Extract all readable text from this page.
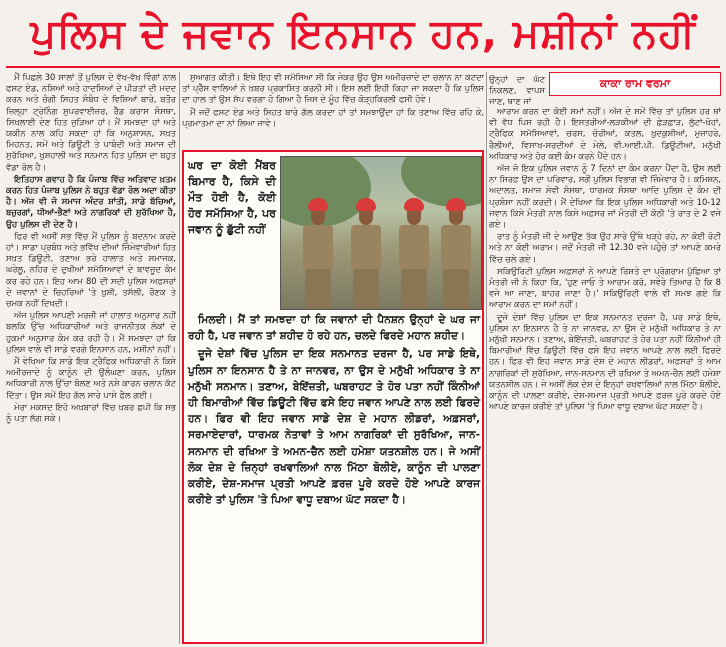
ਪੁਲਿਸ ਦੇ ਜਵਾਨ ਇਨਸਾਨ ਹਨ, ਮਸ਼ੀਨਾਂ ਨਹੀਂ

ਮੈਂ ਪਿਛਲੇ 30 ਸਾਲਾਂ ਤੋਂ ਪੁਲਿਸ ਦੇ ਵੱਖ-ਵੱਖ ਵਿੰਗਾਂ ਨਾਲ ਫਸਟ ਏਡ, ਨਸ਼ਿਆਂ ਅਤੇ ਹਾਦਸਿਆਂ ਦੇ ਪੀੜਤਾਂ ਦੀ ਮਦਦ ਕਰਨ ਅਤੇ ਚੰਗੀ ਸਿਹਤ ਸੰਬੰਧ ਦੇ ਵਿਸ਼ਿਆਂ ਬਾਰੇ, ਬਤੌਰ ਜ਼ਿਲ੍ਹਾ ਟ੍ਰੇਨਿੰਗ ਸੁਪਰਵਾਈਜ਼ਰ, ਰੈੱਡ ਕਰਾਸ ਸੰਸਥਾ, ਸਿਖਲਾਈ ਦੇਣ ਹਿਤ ਜੁੜਿਆ ਹਾਂ। ਮੈਂ ਸਮਝਦਾ ਹਾਂ ਅਤੇ ਯਕੀਨ ਨਾਲ ਕਹਿ ਸਕਦਾ ਹਾਂ ਕਿ ਅਨੁਸ਼ਾਸਨ, ਸਖ਼ਤ ਮਿਹਨਤ, ਸਮੇਂ ਅਤੇ ਡਿਊਟੀ ਤੇ ਪਾਬੰਦੀ ਅਤੇ ਸਮਾਜ ਦੀ ਸੁਰੱਖਿਆ, ਖੁਸ਼ਹਾਲੀ ਅਤੇ ਸਨਮਾਨ ਹਿਤ ਪੁਲਿਸ ਦਾ ਬਹੁਤ ਵੱਡਾ ਰੋਲ ਹੈ।

ਇਤਿਹਾਸ ਗਵਾਹ ਹੈ ਕਿ ਪੰਜਾਬ ਵਿੱਚ ਅਤਿਵਾਦ ਖ਼ਤਮ ਕਰਨ ਹਿਤ ਪੰਜਾਬ ਪੁਲਿਸ ਨੇ ਬਹੁਤ ਵੱਡਾ ਰੋਲ ਅਦਾ ਕੀਤਾ ਹੈ। ਅੱਜ ਵੀ ਜੋ ਸਮਾਜ ਅੰਦਰ ਸ਼ਾਂਤੀ, ਸਾਡੇ ਬੱਚਿਆਂ, ਬਜ਼ੁਰਗਾਂ, ਧੀਆਂ-ਭੈਣਾਂ ਅਤੇ ਨਾਗਰਿਕਾਂ ਦੀ ਸੁਰੱਖਿਆ ਹੈ, ਉਹ ਪੁਲਿਸ ਦੀ ਦੇਣ ਹੈ।

ਫਿਰ ਵੀ ਅਸੀਂ ਸਭ ਵਿੱਚ ਮੈਂ ਪੁਲਿਸ ਨੂੰ ਬਦਨਾਮ ਕਰਦੇ ਹਾਂ। ਸਾਡਾ ਪ੍ਰਬੰਧ ਅਤੇ ਭਵਿੱਖ ਦੀਆਂ ਜ਼ਿੰਮੇਵਾਰੀਆਂ ਹਿਤ ਸਖ਼ਤ ਡਿਊਟੀ, ਤਣਾਅ ਭਰੇ ਹਾਲਾਤ ਅਤੇ ਸਮਾਜਕ, ਘਰੇਲੂ, ਨਹਿਰ ਦੇ ਦੁਖੀਆਂ ਸਮੱਸਿਆਵਾਂ ਦੇ ਬਾਵਜੂਦ ਕੰਮ ਕਰ ਰਹੇ ਹਨ। ਇਹ ਆਮ 80 ਦੀ ਸਦੀ ਪੁਲਿਸ ਅਫ਼ਸਰਾਂ ਦੇ ਜਵਾਨਾਂ ਦੇ ਚਿਹਰਿਆਂ 'ਤੇ ਖ਼ੁਸ਼ੀ, ਤਸੱਲੀ, ਰੌਣਕ ਤੇ ਚਮਕ ਨਹੀਂ ਦਿਖਦੀ।

ਅੱਜ ਪੁਲਿਸ ਆਪਣੀ ਮਰਜ਼ੀ ਜਾਂ ਹਾਲਾਤ ਅਨੁਸਾਰ ਨਹੀਂ ਬਲਕਿ ਉੱਚ ਅਧਿਕਾਰੀਆਂ ਅਤੇ ਰਾਜਨੀਤਕ ਲੋਕਾਂ ਦੇ ਹੁਕਮਾਂ ਅਨੁਸਾਰ ਕੰਮ ਕਰ ਰਹੀ ਹੈ। ਮੈਂ ਸਮਝਦਾ ਹਾਂ ਕਿ ਪੁਲਿਸ ਵਾਲੇ ਵੀ ਸਾਡੇ ਵਰਗੇ ਇਨਸਾਨ ਹਨ, ਮਸ਼ੀਨਾਂ ਨਹੀਂ।

ਮੈਂ ਵੇਖਿਆ ਕਿ ਸਾਡੇ ਇਕ ਟ੍ਰੈਫਿਕ ਅਧਿਕਾਰੀ ਨੇ ਕਿਸੇ ਅਮੀਰਜ਼ਾਦੇ ਨੂੰ ਕਾਨੂੰਨ ਦੀ ਉਲੰਘਣਾ ਕਰਨ, ਪੁਲਿਸ ਅਧਿਕਾਰੀ ਨਾਲ ਉੱਚਾ ਬੋਲਣ ਅਤੇ ਨਸ਼ੇ ਕਾਰਨ ਚਲਾਨ ਕੱਟ ਦਿੱਤਾ। ਉਸ ਸਮੇਂ ਇਹ ਗੱਲ ਸਾਰੇ ਪਾਸੇ ਫੈਲ ਗਈ।

ਮੇਰਾ ਮਕਸਦ ਇਹੋ ਅਖ਼ਬਾਰਾਂ ਵਿੱਚ ਖ਼ਬਰ ਛਪੀ ਕਿ ਸਭ ਨੂੰ ਪਤਾ ਲੱਗ ਸਕੇ।

ਸੁਆਗਤ ਕੀਤੀ। ਇਥੇ ਇਹ ਵੀ ਸਮੱਸਿਆ ਸੀ ਕਿ ਜੇਕਰ ਉਹ ਉਸ ਅਮੀਰਜ਼ਾਦੇ ਦਾ ਚਲਾਨ ਨਾ ਕਟਦਾ ਤਾਂ ਪ੍ਰੈੱਸ ਵਾਲਿਆਂ ਨੇ ਖ਼ਬਰ ਪ੍ਰਕਾਸ਼ਿਤ ਕਰਨੀ ਸੀ। ਇਸ ਲਈ ਇਹੀ ਕਿਹਾ ਜਾ ਸਕਦਾ ਹੈ ਕਿ ਪੁਲਿਸ ਦਾ ਹਾਲ ਤਾਂ ਉਸ ਸੱਪ ਵਰਗਾ ਹੋ ਗਿਆ ਹੈ ਜਿਸ ਦੇ ਮੂੰਹ ਵਿੱਚ ਕੋੜ੍ਹਕਿਰਲੀ ਫਸੀ ਹੋਵੇ।

ਮੈਂ ਜਦੋਂ ਫਸਟ ਏਡ ਅਤੇ ਸਿਹਤ ਬਾਰੇ ਗੱਲ ਕਰਦਾ ਹਾਂ ਤਾਂ ਸਮਝਾਉਂਦਾ ਹਾਂ ਕਿ ਤਣਾਅ ਵਿੱਚ ਰਹਿ ਕੇ, ਪ੍ਰਮਾਤਮਾ ਦਾ ਨਾਂ ਲਿਆ ਜਾਵੇ।

ਘਰ ਦਾ ਕੋਈ ਮੈਂਬਰ ਬਿਮਾਰ ਹੈ, ਕਿਸੇ ਦੀ ਮੌਤ ਹੋਈ ਹੈ, ਕੋਈ ਹੋਰ ਸਮੱਸਿਆ ਹੈ, ਪਰ ਜਵਾਨ ਨੂੰ ਛੁੱਟੀ ਨਹੀਂ

ਮਿਲਦੀ। ਮੈਂ ਤਾਂ ਸਮਝਦਾ ਹਾਂ ਕਿ ਜਵਾਨਾਂ ਦੀ ਪੈਨਸ਼ਨ ਉਨ੍ਹਾਂ ਦੇ ਘਰ ਜਾ ਰਹੀ ਹੈ, ਪਰ ਜਵਾਨ ਤਾਂ ਸ਼ਹੀਦ ਹੋ ਰਹੇ ਹਨ, ਚਲਦੇ ਫਿਰਦੇ ਮਹਾਨ ਸ਼ਹੀਦ।

ਦੂਜੇ ਦੇਸ਼ਾਂ ਵਿੱਚ ਪੁਲਿਸ ਦਾ ਇਕ ਸਨਮਾਨਤ ਦਰਜਾ ਹੈ, ਪਰ ਸਾਡੇ ਇਥੇ, ਪੁਲਿਸ ਨਾ ਇਨਸਾਨ ਹੈ ਤੇ ਨਾ ਜਾਨਵਰ, ਨਾ ਉਸ ਦੇ ਮਨੁੱਖੀ ਅਧਿਕਾਰ ਤੇ ਨਾ ਮਨੁੱਖੀ ਸਨਮਾਨ। ਤਣਾਅ, ਬੇਇੱਜ਼ਤੀ, ਘਬਰਾਹਟ ਤੇ ਹੋਰ ਪਤਾ ਨਹੀਂ ਕਿੰਨੀਆਂ ਹੀ ਬਿਮਾਰੀਆਂ ਵਿੱਚ ਡਿਊਟੀ ਵਿੱਚ ਫਸੇ ਇਹ ਜਵਾਨ ਆਪਣੇ ਨਾਲ ਲਈ ਫਿਰਦੇ ਹਨ। ਫਿਰ ਵੀ ਇਹ ਜਵਾਨ ਸਾਡੇ ਦੇਸ਼ ਦੇ ਮਹਾਨ ਲੀਡਰਾਂ, ਅਫ਼ਸਰਾਂ, ਸਰਮਾਏਦਾਰਾਂ, ਧਾਰਮਕ ਨੇਤਾਵਾਂ ਤੇ ਆਮ ਨਾਗਰਿਕਾਂ ਦੀ ਸੁਰੱਖਿਆ, ਜਾਨ-ਸਨਮਾਨ ਦੀ ਰਖਿਆ ਤੇ ਅਮਨ-ਚੈਨ ਲਈ ਹਮੇਸ਼ਾ ਯਤਨਸ਼ੀਲ ਹਨ। ਜੇ ਅਸੀਂ ਲੋਕ ਦੇਸ਼ ਦੇ ਜ਼ਿਨ੍ਹਾਂ ਰਖਵਾਲਿਆਂ ਨਾਲ ਮਿੱਠਾ ਬੋਲੀਏ, ਕਾਨੂੰਨ ਦੀ ਪਾਲਣਾ ਕਰੀਏ, ਦੇਸ਼-ਸਮਾਜ ਪ੍ਰਤੀ ਆਪਣੇ ਫ਼ਰਜ਼ ਪੂਰੇ ਕਰਦੇ ਹੋਏ ਆਪਣੇ ਕਾਰਜ ਕਰੀਏ ਤਾਂ ਪੁਲਿਸ 'ਤੇ ਪਿਆ ਵਾਧੂ ਦਬਾਅ ਘੱਟ ਸਕਦਾ ਹੈ।

ਉਨ੍ਹਾਂ ਦਾ ਘੱਟ ਨਿਕਲਣ, ਵਾਪਸ ਜਾਣ, ਥਾਣ ਜਾਂ
ਕਾਕਾ ਰਾਮ ਵਰਮਾ

ਆਰਾਮ ਕਰਨ ਦਾ ਕੋਈ ਸਮਾਂ ਨਹੀਂ। ਅੱਜ ਦੇ ਸਮੇਂ ਵਿੱਚ ਤਾਂ ਪੁਲਿਸ ਹਰ ਥਾਂ ਵੀ ਵੱਧ ਪਿਸ ਰਹੀ ਹੈ। ਇਸਤਰੀਆਂ-ਲੜਕੀਆਂ ਦੀ ਛੇੜਛਾੜ, ਲੁੱਟਾਂ-ਖੋਹਾਂ, ਟ੍ਰੈਫਿਕ ਸਮੱਸਿਆਵਾਂ, ਚਰਸ, ਚੋਰੀਆਂ, ਕਤਲ, ਖ਼ੁਦਕੁਸ਼ੀਆਂ, ਮੁਜ਼ਾਹਰੇ, ਰੈਲੀਆਂ, ਵਿਸਾਖ-ਸਰਦੀਆਂ ਦੇ ਮੇਲੇ, ਵੀ.ਆਈ.ਪੀ. ਡਿਊਟੀਆਂ, ਮਨੁੱਖੀ ਅਧਿਕਾਰ ਅਤੇ ਹੋਰ ਕਈ ਕੰਮ ਕਰਨੇ ਪੈਂਦੇ ਹਨ।

ਅੱਜ ਜੋ ਇਕ ਪੁਲਿਸ ਜਵਾਨ ਨੂੰ 7 ਦਿਨਾਂ ਦਾ ਕੰਮ ਕਰਨਾ ਪੈਂਦਾ ਹੈ, ਉਸ ਲਈ ਨਾ ਸਿਰਫ਼ ਉਸ ਦਾ ਪਰਿਵਾਰ, ਸਗੋਂ ਪੁਲਿਸ ਵਿਭਾਗ ਵੀ ਜ਼ਿੰਮੇਵਾਰ ਹੈ। ਕਮਿਸ਼ਨ, ਅਦਾਲਤ, ਸਮਾਜ ਸੇਵੀ ਸੰਸਥਾ, ਧਾਰਮਕ ਸੰਸਥਾ ਆਦਿ ਪੁਲਿਸ ਦੇ ਕੰਮ ਦੀ ਪ੍ਰਸ਼ੰਸਾ ਨਹੀਂ ਕਰਦੀ। ਮੈਂ ਦੇਖਿਆ ਕਿ ਇਕ ਪੁਲਿਸ ਅਧਿਕਾਰੀ ਅਤੇ 10-12 ਜਵਾਨ ਕਿਸੇ ਮੰਤਰੀ ਨਾਲ ਕਿਸੇ ਅਫ਼ਸਰ ਜਾਂ ਮੰਤਰੀ ਦੀ ਕੋਠੀ 'ਤੇ ਰਾਤ ਦੇ 2 ਵਜੇ ਗਏ।

ਰਾਤ ਨੂੰ ਮੰਤਰੀ ਜੀ ਦੇ ਆਉਣ ਤੱਕ ਉਹ ਸਾਰੇ ਉੱਥੇ ਖੜ੍ਹੇ ਰਹੇ, ਨਾ ਕੋਈ ਰੋਟੀ ਅਤੇ ਨਾ ਕੋਈ ਅਰਾਮ। ਜਦੋਂ ਮੰਤਰੀ ਜੀ 12.30 ਵਜੇ ਪਹੁੰਚੇ ਤਾਂ ਆਪਣੇ ਕਮਰੇ ਵਿੱਚ ਚਲੇ ਗਏ।

ਸਕਿਉਰਿਟੀ ਪੁਲਿਸ ਅਫ਼ਸਰਾਂ ਨੇ ਆਪਣੇ ਰਿਸ਼ਤੇ ਦਾ ਪ੍ਰੋਗਰਾਮ ਪੁੱਛਿਆ ਤਾਂ ਮੰਤਰੀ ਜੀ ਨੇ ਕਿਹਾ ਕਿ, 'ਹੁਣ ਜਾਓ ਤੇ ਆਰਾਮ ਕਰੋ, ਸਵੇਰੇ ਤਿਆਰ ਹੈ ਕਿ 8 ਵਜੇ ਆ ਜਾਣਾ, ਬਾਹਰ ਜਾਣਾ ਹੈ।' ਸਕਿਉਰਿਟੀ ਵਾਲੇ ਵੀ ਸਮਝ ਗਏ ਕਿ ਆਰਾਮ ਕਰਨ ਦਾ ਸਮਾਂ ਨਹੀਂ।

ਦੂਜੇ ਦੇਸ਼ਾਂ ਵਿੱਚ ਪੁਲਿਸ ਦਾ ਇਕ ਸਨਮਾਨਤ ਦਰਜਾ ਹੈ, ਪਰ ਸਾਡੇ ਇਥੇ, ਪੁਲਿਸ ਨਾ ਇਨਸਾਨ ਹੈ ਤੇ ਨਾ ਜਾਨਵਰ, ਨਾ ਉਸ ਦੇ ਮਨੁੱਖੀ ਅਧਿਕਾਰ ਤੇ ਨਾ ਮਨੁੱਖੀ ਸਨਮਾਨ। ਤਣਾਅ, ਬੇਇੱਜ਼ਤੀ, ਘਬਰਾਹਟ ਤੇ ਹੋਰ ਪਤਾ ਨਹੀਂ ਕਿੰਨੀਆਂ ਹੀ ਬਿਮਾਰੀਆਂ ਵਿੱਚ ਡਿਊਟੀ ਵਿੱਚ ਫਸੇ ਇਹ ਜਵਾਨ ਆਪਣੇ ਨਾਲ ਲਈ ਫਿਰਦੇ ਹਨ। ਫਿਰ ਵੀ ਇਹ ਜਵਾਨ ਸਾਡੇ ਦੇਸ਼ ਦੇ ਮਹਾਨ ਲੀਡਰਾਂ, ਅਫ਼ਸਰਾਂ ਤੇ ਆਮ ਨਾਗਰਿਕਾਂ ਦੀ ਸੁਰੱਖਿਆ, ਜਾਨ-ਸਨਮਾਨ ਦੀ ਰਖਿਆ ਤੇ ਅਮਨ-ਚੈਨ ਲਈ ਹਮੇਸ਼ਾ ਯਤਨਸ਼ੀਲ ਹਨ। ਜੇ ਅਸੀਂ ਲੋਕ ਦੇਸ਼ ਦੇ ਇਨ੍ਹਾਂ ਰਖਵਾਲਿਆਂ ਨਾਲ ਮਿੱਠਾ ਬੋਲੀਏ, ਕਾਨੂੰਨ ਦੀ ਪਾਲਣਾ ਕਰੀਏ, ਦੇਸ਼-ਸਮਾਜ ਪ੍ਰਤੀ ਆਪਣੇ ਫ਼ਰਜ਼ ਪੂਰੇ ਕਰਦੇ ਹੋਏ ਆਪਣੇ ਕਾਰਜ ਕਰੀਏ ਤਾਂ ਪੁਲਿਸ 'ਤੇ ਪਿਆ ਵਾਧੂ ਦਬਾਅ ਘੱਟ ਸਕਦਾ ਹੈ।
